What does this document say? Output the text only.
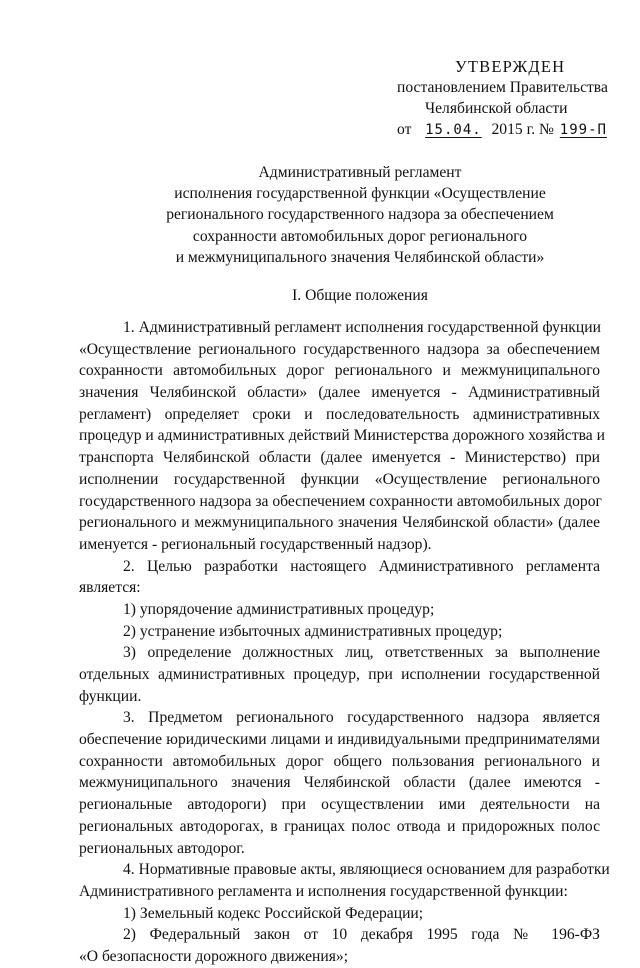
УТВЕРЖДЕН
постановлением Правительства
Челябинской области
от 15.04. 2015 г. № 199-П
Административный регламент
исполнения государственной функции «Осуществление
регионального государственного надзора за обеспечением
сохранности автомобильных дорог регионального
и межмуниципального значения Челябинской области»
I. Общие положения
1. Административный регламент исполнения государственной функции
«Осуществление регионального государственного надзора за обеспечением
сохранности автомобильных дорог регионального и межмуниципального
значения Челябинской области» (далее именуется - Административный
регламент) определяет сроки и последовательность административных
процедур и административных действий Министерства дорожного хозяйства и
транспорта Челябинской области (далее именуется - Министерство) при
исполнении государственной функции «Осуществление регионального
государственного надзора за обеспечением сохранности автомобильных дорог
регионального и межмуниципального значения Челябинской области» (далее
именуется - региональный государственный надзор).
2. Целью разработки настоящего Административного регламента
является:
1) упорядочение административных процедур;
2) устранение избыточных административных процедур;
3) определение должностных лиц, ответственных за выполнение
отдельных административных процедур, при исполнении государственной
функции.
3. Предметом регионального государственного надзора является
обеспечение юридическими лицами и индивидуальными предпринимателями
сохранности автомобильных дорог общего пользования регионального и
межмуниципального значения Челябинской области (далее имеются -
региональные автодороги) при осуществлении ими деятельности на
региональных автодорогах, в границах полос отвода и придорожных полос
региональных автодорог.
4. Нормативные правовые акты, являющиеся основанием для разработки
Административного регламента и исполнения государственной функции:
1) Земельный кодекс Российской Федерации;
2) Федеральный закон от 10 декабря 1995 года № 196-ФЗ
«О безопасности дорожного движения»;
